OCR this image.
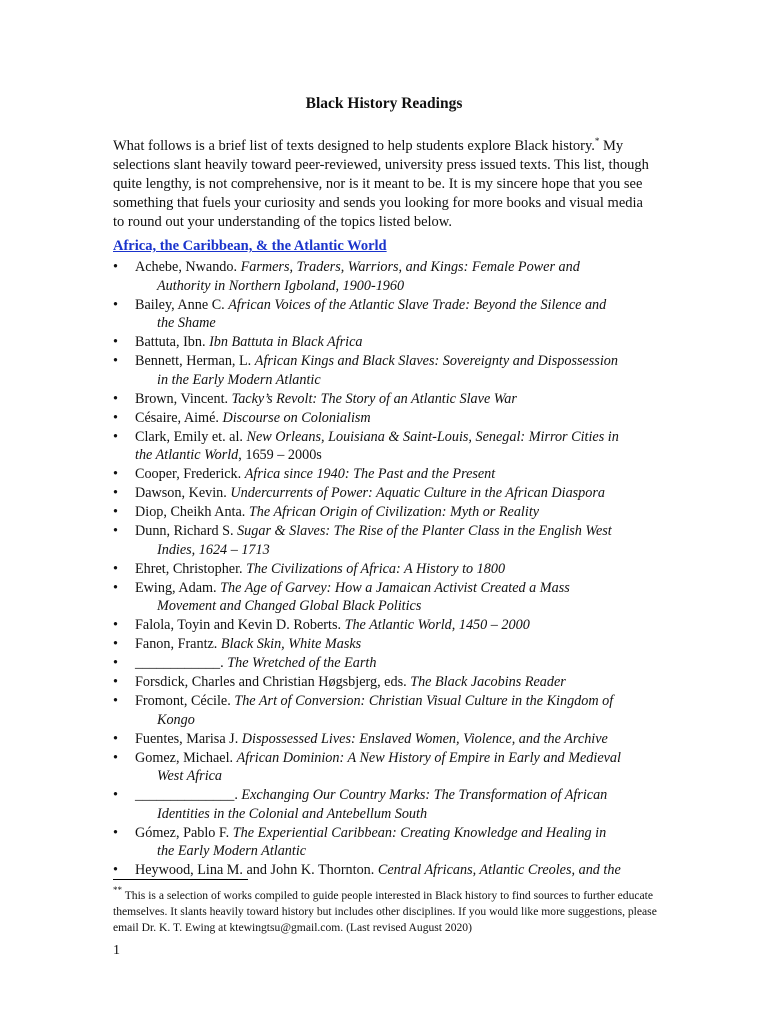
Black History Readings

What follows is a brief list of texts designed to help students explore Black history.* My selections slant heavily toward peer-reviewed, university press issued texts. This list, though quite lengthy, is not comprehensive, nor is it meant to be. It is my sincere hope that you see something that fuels your curiosity and sends you looking for more books and visual media to round out your understanding of the topics listed below.

Africa, the Caribbean, & the Atlantic World
•	Achebe, Nwando. Farmers, Traders, Warriors, and Kings: Female Power and
Authority in Northern Igboland, 1900-1960
•	Bailey, Anne C. African Voices of the Atlantic Slave Trade: Beyond the Silence and
the Shame
•	Battuta, Ibn. Ibn Battuta in Black Africa
•	Bennett, Herman, L. African Kings and Black Slaves: Sovereignty and Dispossession
in the Early Modern Atlantic
•	Brown, Vincent. Tacky’s Revolt: The Story of an Atlantic Slave War
•	Césaire, Aimé. Discourse on Colonialism
•	Clark, Emily et. al. New Orleans, Louisiana & Saint-Louis, Senegal: Mirror Cities in
the Atlantic World, 1659 – 2000s
•	Cooper, Frederick. Africa since 1940: The Past and the Present
•	Dawson, Kevin. Undercurrents of Power: Aquatic Culture in the African Diaspora
•	Diop, Cheikh Anta. The African Origin of Civilization: Myth or Reality
•	Dunn, Richard S. Sugar & Slaves: The Rise of the Planter Class in the English West
Indies, 1624 – 1713
•	Ehret, Christopher. The Civilizations of Africa: A History to 1800
•	Ewing, Adam. The Age of Garvey: How a Jamaican Activist Created a Mass
Movement and Changed Global Black Politics
•	Falola, Toyin and Kevin D. Roberts. The Atlantic World, 1450 – 2000
•	Fanon, Frantz. Black Skin, White Masks
•	____________. The Wretched of the Earth
•	Forsdick, Charles and Christian Høgsbjerg, eds. The Black Jacobins Reader
•	Fromont, Cécile. The Art of Conversion: Christian Visual Culture in the Kingdom of
Kongo
•	Fuentes, Marisa J. Dispossessed Lives: Enslaved Women, Violence, and the Archive
•	Gomez, Michael. African Dominion: A New History of Empire in Early and Medieval
West Africa
•	______________. Exchanging Our Country Marks: The Transformation of African
Identities in the Colonial and Antebellum South
•	Gómez, Pablo F. The Experiential Caribbean: Creating Knowledge and Healing in
the Early Modern Atlantic
•	Heywood, Lina M. and John K. Thornton. Central Africans, Atlantic Creoles, and the
** This is a selection of works compiled to guide people interested in Black history to find sources to further educate themselves. It slants heavily toward history but includes other disciplines. If you would like more suggestions, please email Dr. K. T. Ewing at ktewingtsu@gmail.com. (Last revised August 2020)
1
